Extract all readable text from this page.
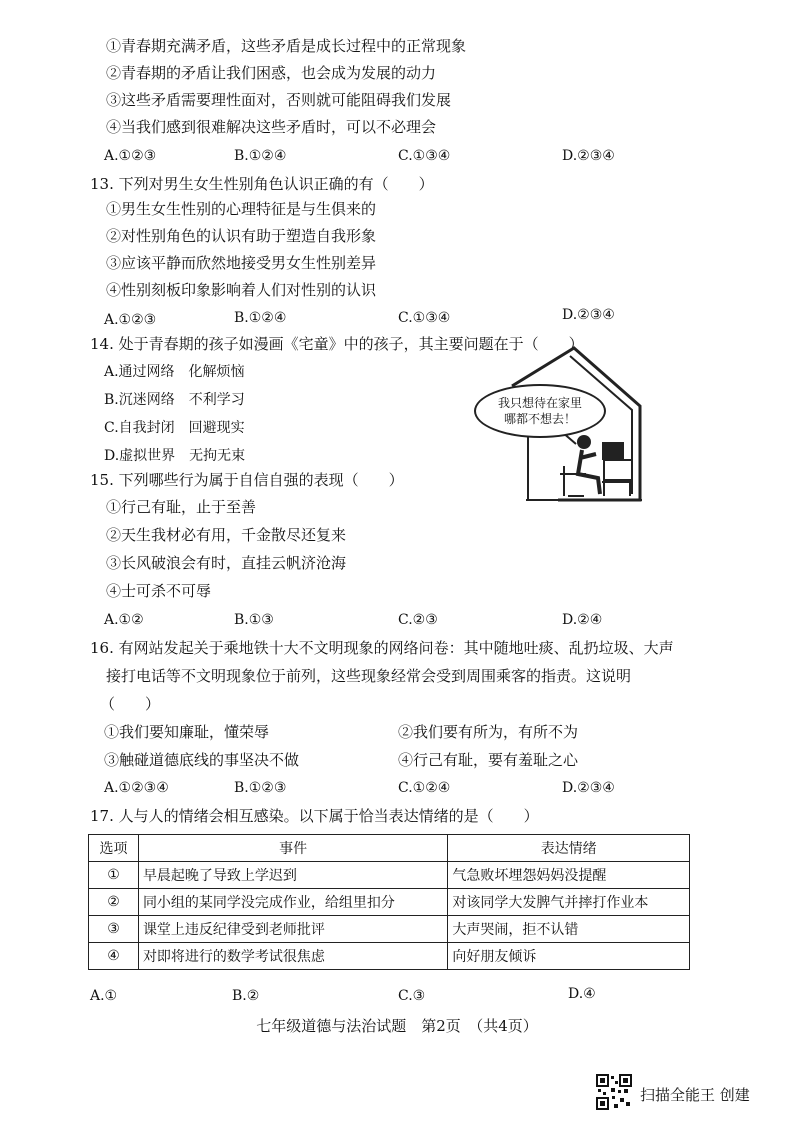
①青春期充满矛盾，这些矛盾是成长过程中的正常现象
②青春期的矛盾让我们困惑，也会成为发展的动力
③这些矛盾需要理性面对，否则就可能阻碍我们发展
④当我们感到很难解决这些矛盾时，可以不必理会
A.①②③	B.①②④	C.①③④	D.②③④
13. 下列对男生女生性别角色认识正确的有（　　）
①男生女生性别的心理特征是与生俱来的
②对性别角色的认识有助于塑造自我形象
③应该平静而欣然地接受男女生性别差异
④性别刻板印象影响着人们对性别的认识
A.①②③	B.①②④	C.①③④	D.②③④
14. 处于青春期的孩子如漫画《宅童》中的孩子，其主要问题在于（　　）
A.通过网络　化解烦恼
B.沉迷网络　不利学习
C.自我封闭　回避现实
D.虚拟世界　无拘无束
我只想待在家里
哪都不想去！
15. 下列哪些行为属于自信自强的表现（　　）
①行己有耻，止于至善
②天生我材必有用，千金散尽还复来
③长风破浪会有时，直挂云帆济沧海
④士可杀不可辱
A.①②	B.①③	C.②③	D.②④
16. 有网站发起关于乘地铁十大不文明现象的网络问卷：其中随地吐痰、乱扔垃圾、大声
接打电话等不文明现象位于前列，这些现象经常会受到周围乘客的指责。这说明
（　　）
①我们要知廉耻，懂荣辱	②我们要有所为，有所不为
③触碰道德底线的事坚决不做	④行己有耻，要有羞耻之心
A.①②③④	B.①②③	C.①②④	D.②③④
17. 人与人的情绪会相互感染。以下属于恰当表达情绪的是（　　）
选项	事件	表达情绪
①	早晨起晚了导致上学迟到	气急败坏埋怨妈妈没提醒
②	同小组的某同学没完成作业，给组里扣分	对该同学大发脾气并摔打作业本
③	课堂上违反纪律受到老师批评	大声哭闹，拒不认错
④	对即将进行的数学考试很焦虑	向好朋友倾诉
A.①	B.②	C.③	D.④
七年级道德与法治试题　第2页　（共4页）
扫描全能王 创建
